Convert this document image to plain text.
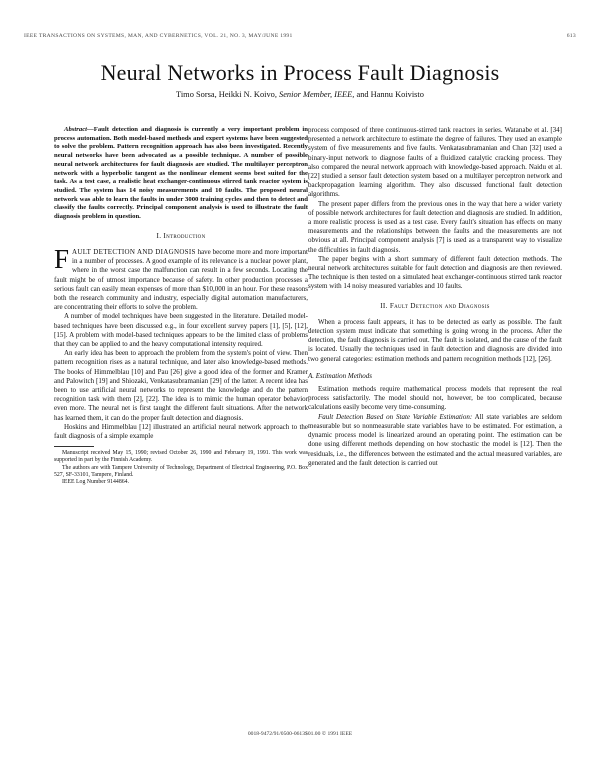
IEEE TRANSACTIONS ON SYSTEMS, MAN, AND CYBERNETICS, VOL. 21, NO. 3, MAY/JUNE 1991	613
Neural Networks in Process Fault Diagnosis
Timo Sorsa, Heikki N. Koivo, Senior Member, IEEE, and Hannu Koivisto

Abstract—Fault detection and diagnosis is currently a very important problem in process automation. Both model-based methods and expert systems have been suggested to solve the problem. Pattern recognition approach has also been investigated. Recently neural networks have been advocated as a possible technique. A number of possible neural network architectures for fault diagnosis are studied. The multilayer perceptron network with a hyperbolic tangent as the nonlinear element seems best suited for the task. As a test case, a realistic heat exchanger-continuous stirred tank reactor system is studied. The system has 14 noisy measurements and 10 faults. The proposed neural network was able to learn the faults in under 3000 training cycles and then to detect and classify the faults correctly. Principal component analysis is used to illustrate the fault diagnosis problem in question.

I. Introduction

FAULT DETECTION AND DIAGNOSIS have become more and more important in a number of processes. A good example of its relevance is a nuclear power plant, where in the worst case the malfunction can result in a few seconds. Locating the fault might be of utmost importance because of safety. In other production processes a serious fault can easily mean expenses of more than $10,000 in an hour. For these reasons both the research community and industry, especially digital automation manufacturers, are concentrating their efforts to solve the problem.

A number of model techniques have been suggested in the literature. Detailed model-based techniques have been discussed e.g., in four excellent survey papers [1], [5], [12], [15]. A problem with model-based techniques appears to be the limited class of problems that they can be applied to and the heavy computational intensity required.

An early idea has been to approach the problem from the system's point of view. Then pattern recognition rises as a natural technique, and later also knowledge-based methods. The books of Himmelblau [10] and Pau [26] give a good idea of the former and Kramer and Palowitch [19] and Shiozaki, Venkatasubramanian [29] of the latter. A recent idea has been to use artificial neural networks to represent the knowledge and do the pattern recognition task with them [2], [22]. The idea is to mimic the human operator behavior even more. The neural net is first taught the different fault situations. After the network has learned them, it can do the proper fault detection and diagnosis.

Hoskins and Himmelblau [12] illustrated an artificial neural network approach to the fault diagnosis of a simple example

Manuscript received May 15, 1990; revised October 26, 1990 and February 19, 1991. This work was supported in part by the Finnish Academy.

The authors are with Tampere University of Technology, Department of Electrical Engineering, P.O. Box 527, SF-33101, Tampere, Finland.

IEEE Log Number 9144864.

process composed of three continuous-stirred tank reactors in series. Watanabe et al. [34] presented a network architecture to estimate the degree of failures. They used an example system of five measurements and five faults. Venkatasubramanian and Chan [32] used a binary-input network to diagnose faults of a fluidized catalytic cracking process. They also compared the neural network approach with knowledge-based approach. Naidu et al. [22] studied a sensor fault detection system based on a multilayer perceptron network and backpropagation learning algorithm. They also discussed functional fault detection algorithms.

The present paper differs from the previous ones in the way that here a wider variety of possible network architectures for fault detection and diagnosis are studied. In addition, a more realistic process is used as a test case. Every fault's situation has effects on many measurements and the relationships between the faults and the measurements are not obvious at all. Principal component analysis [7] is used as a transparent way to visualize the difficulties in fault diagnosis.

The paper begins with a short summary of different fault detection methods. The neural network architectures suitable for fault detection and diagnosis are then reviewed. The technique is then tested on a simulated heat exchanger-continuous stirred tank reactor system with 14 noisy measured variables and 10 faults.

II. Fault Detection and Diagnosis

When a process fault appears, it has to be detected as early as possible. The fault detection system must indicate that something is going wrong in the process. After the detection, the fault diagnosis is carried out. The fault is isolated, and the cause of the fault is located. Usually the techniques used in fault detection and diagnosis are divided into two general categories: estimation methods and pattern recognition methods [12], [26].

A. Estimation Methods

Estimation methods require mathematical process models that represent the real process satisfactorily. The model should not, however, be too complicated, because calculations easily become very time-consuming.

Fault Detection Based on State Variable Estimation: All state variables are seldom measurable but so nonmeasurable state variables have to be estimated. For estimation, a dynamic process model is linearized around an operating point. The estimation can be done using different methods depending on how stochastic the model is [12]. Then the residuals, i.e., the differences between the estimated and the actual measured variables, are generated and the fault detection is carried out

0018-9472/91/0500-0613$01.00 © 1991 IEEE
